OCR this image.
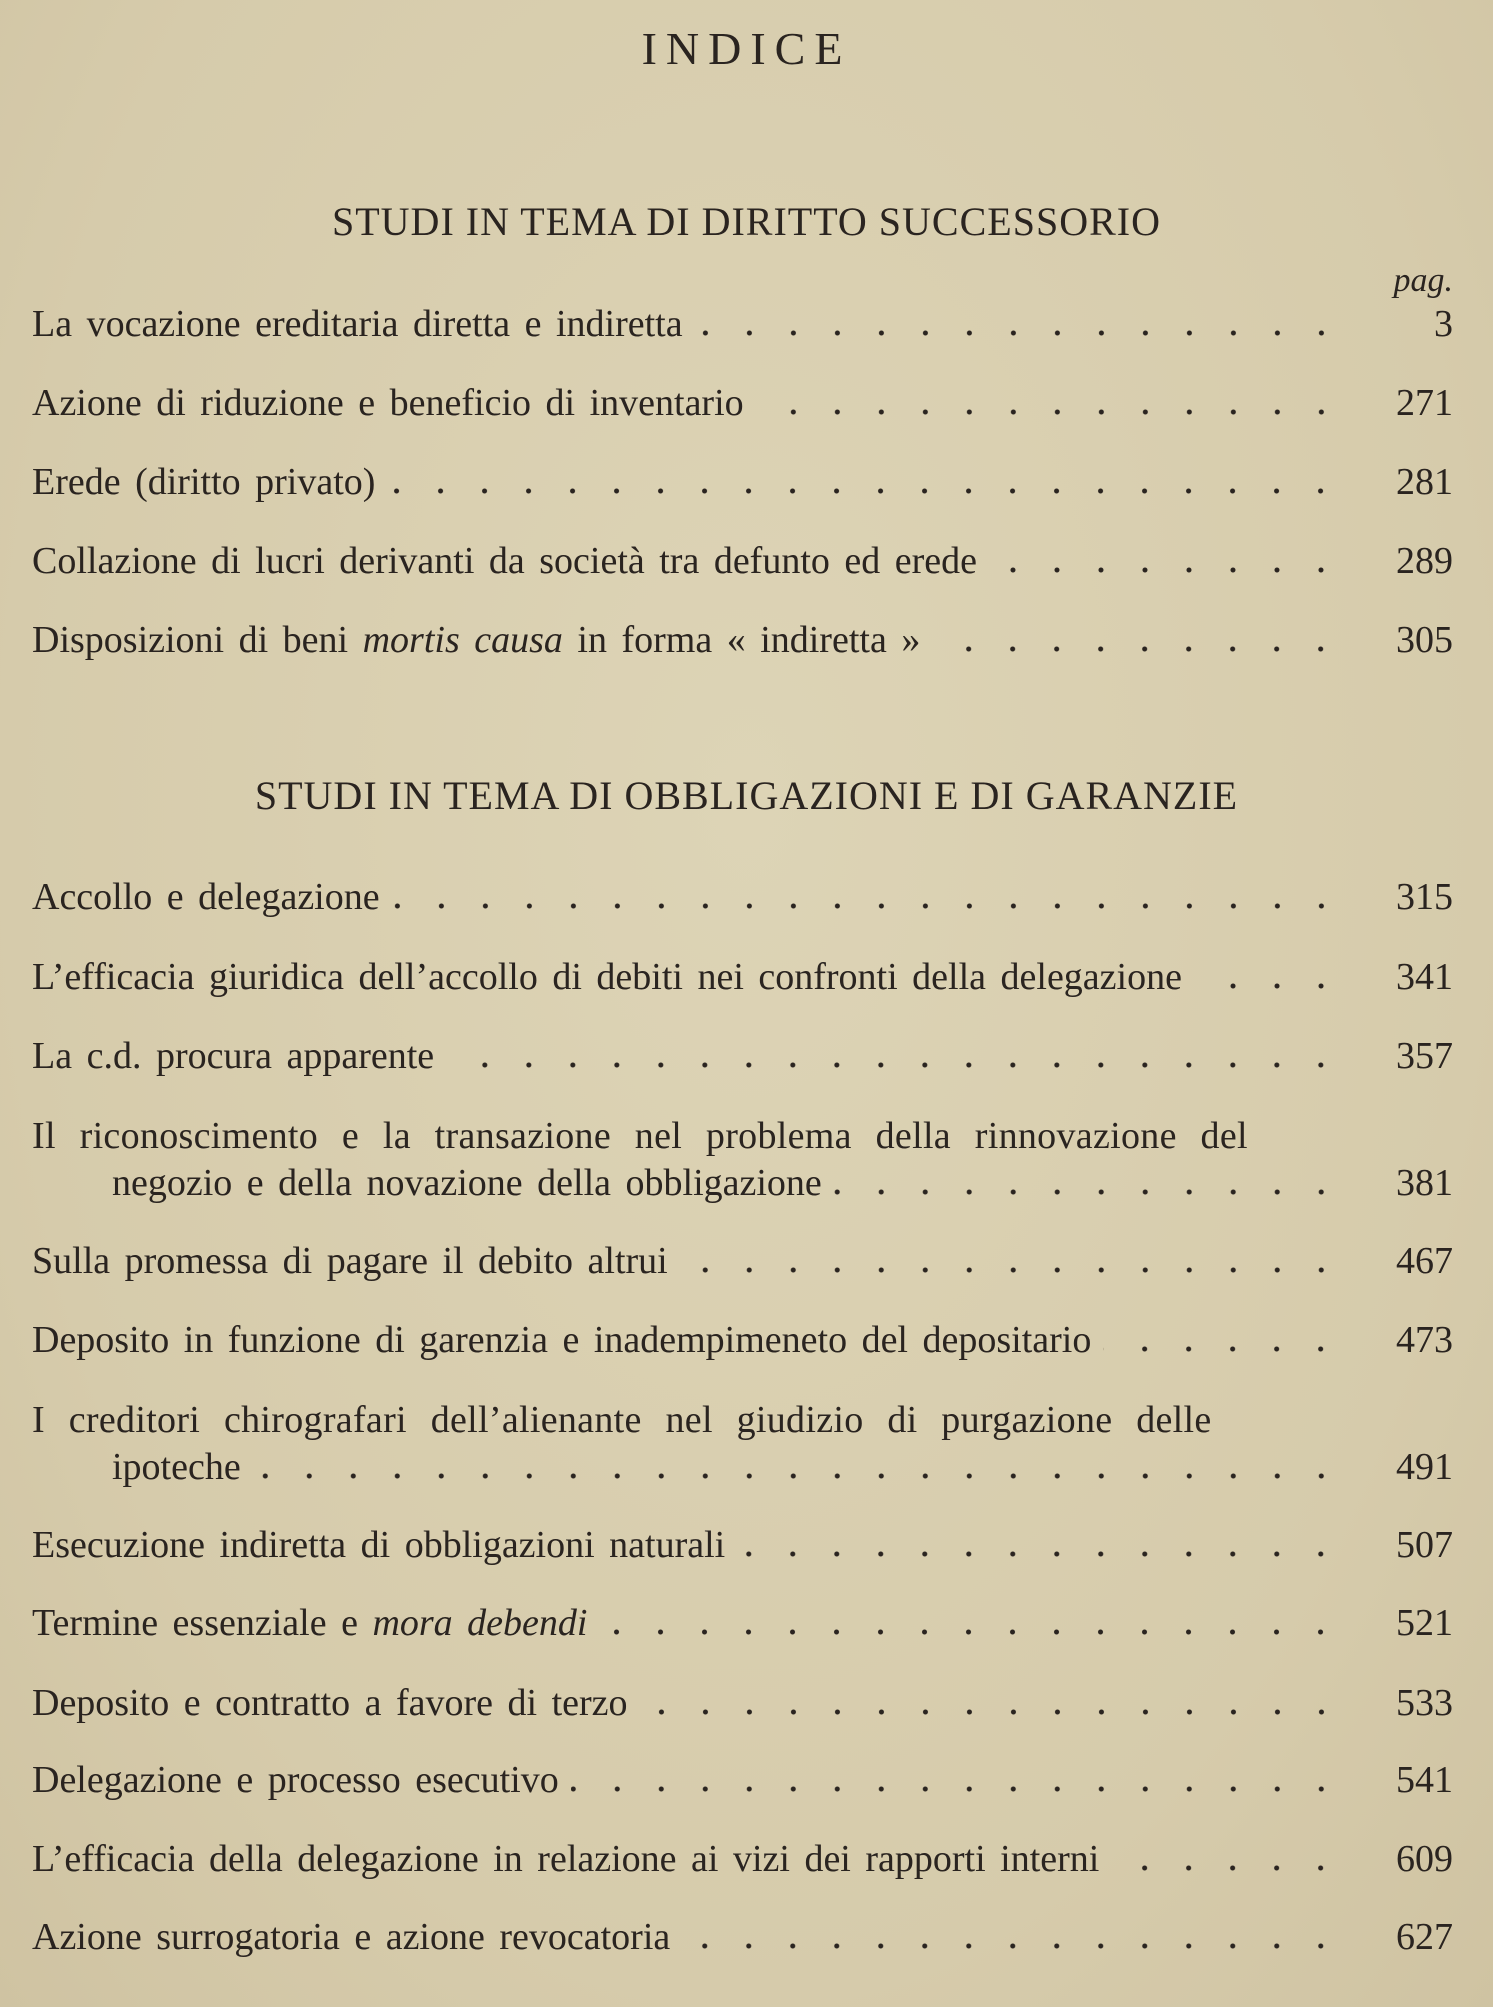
INDICE
STUDI IN TEMA DI DIRITTO SUCCESSORIO
pag.
La vocazione ereditaria diretta e indiretta	3
Azione di riduzione e beneficio di inventario	271
Erede (diritto privato)	281
Collazione di lucri derivanti da società tra defunto ed erede	289
Disposizioni di beni mortis causa in forma « indiretta »	305
STUDI IN TEMA DI OBBLIGAZIONI E DI GARANZIE
Accollo e delegazione	315
L’efficacia giuridica dell’accollo di debiti nei confronti della delegazione	341
La c.d. procura apparente	357
Il riconoscimento e la transazione nel problema della rinnovazione del
negozio e della novazione della obbligazione	381
Sulla promessa di pagare il debito altrui	467
Deposito in funzione di garenzia e inadempimeneto del depositario	473
I creditori chirografari dell’alienante nel giudizio di purgazione delle
ipoteche	491
Esecuzione indiretta di obbligazioni naturali	507
Termine essenziale e mora debendi	521
Deposito e contratto a favore di terzo	533
Delegazione e processo esecutivo	541
L’efficacia della delegazione in relazione ai vizi dei rapporti interni	609
Azione surrogatoria e azione revocatoria	627
